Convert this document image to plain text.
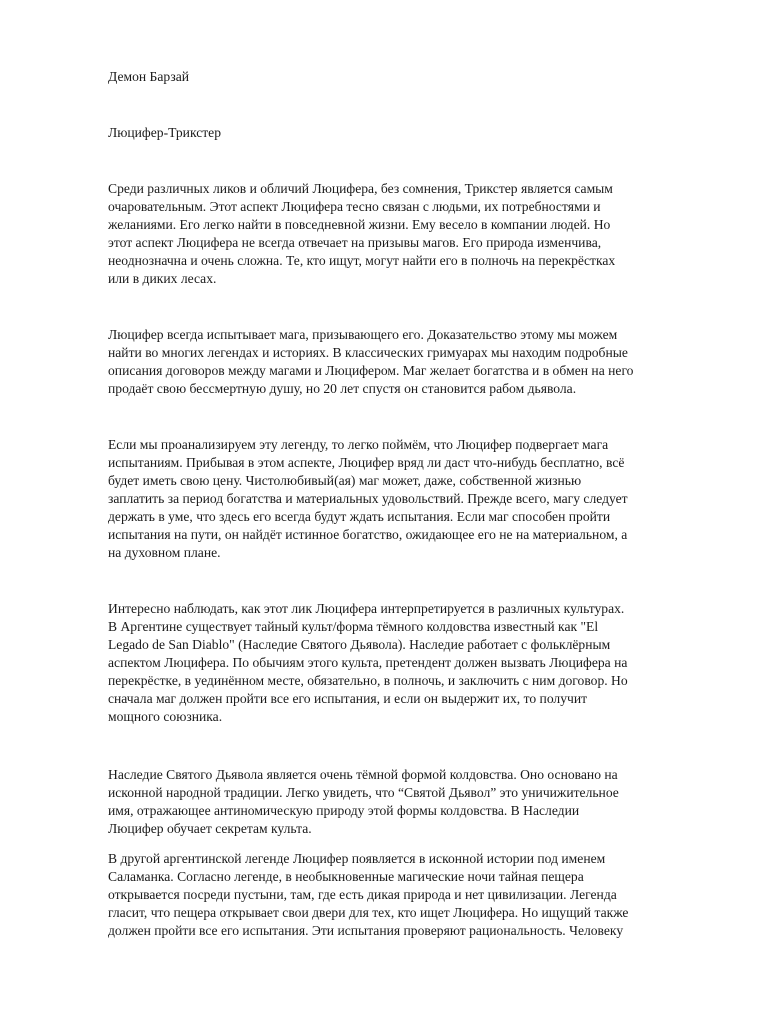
Демон Барзай

Люцифер-Трикстер

Среди различных ликов и обличий Люцифера, без сомнения, Трикстер является самым
очаровательным. Этот аспект Люцифера тесно связан с людьми, их потребностями и
желаниями. Его легко найти в повседневной жизни. Ему весело в компании людей. Но
этот аспект Люцифера не всегда отвечает на призывы магов. Его природа изменчива,
неоднозначна и очень сложна. Те, кто ищут, могут найти его в полночь на перекрёстках
или в диких лесах.

Люцифер всегда испытывает мага, призывающего его. Доказательство этому мы можем
найти во многих легендах и историях. В классических гримуарах мы находим подробные
описания договоров между магами и Люцифером. Маг желает богатства и в обмен на него
продаёт свою бессмертную душу, но 20 лет спустя он становится рабом дьявола.

Если мы проанализируем эту легенду, то легко поймём, что Люцифер подвергает мага
испытаниям. Прибывая в этом аспекте, Люцифер вряд ли даст что-нибудь бесплатно, всё
будет иметь свою цену. Чистолюбивый(ая) маг может, даже, собственной жизнью
заплатить за период богатства и материальных удовольствий. Прежде всего, магу следует
держать в уме, что здесь его всегда будут ждать испытания. Если маг способен пройти
испытания на пути, он найдёт истинное богатство, ожидающее его не на материальном, а
на духовном плане.

Интересно наблюдать, как этот лик Люцифера интерпретируется в различных культурах.
В Аргентине существует тайный культ/форма тёмного колдовства известный как "El
Legado de San Diablo" (Наследие Святого Дьявола). Наследие работает с фольклёрным
аспектом Люцифера. По обычиям этого культа, претендент должен вызвать Люцифера на
перекрёстке, в уединённом месте, обязательно, в полночь, и заключить с ним договор. Но
сначала маг должен пройти все его испытания, и если он выдержит их, то получит
мощного союзника.

Наследие Святого Дьявола является очень тёмной формой колдовства. Оно основано на
исконной народной традиции. Легко увидеть, что “Святой Дьявол” это уничижительное
имя, отражающее антиномическую природу этой формы колдовства. В Наследии
Люцифер обучает секретам культа.

В другой аргентинской легенде Люцифер появляется в исконной истории под именем
Саламанка. Согласно легенде, в необыкновенные магические ночи тайная пещера
открывается посреди пустыни, там, где есть дикая природа и нет цивилизации. Легенда
гласит, что пещера открывает свои двери для тех, кто ищет Люцифера. Но ищущий также
должен пройти все его испытания. Эти испытания проверяют рациональность. Человеку
